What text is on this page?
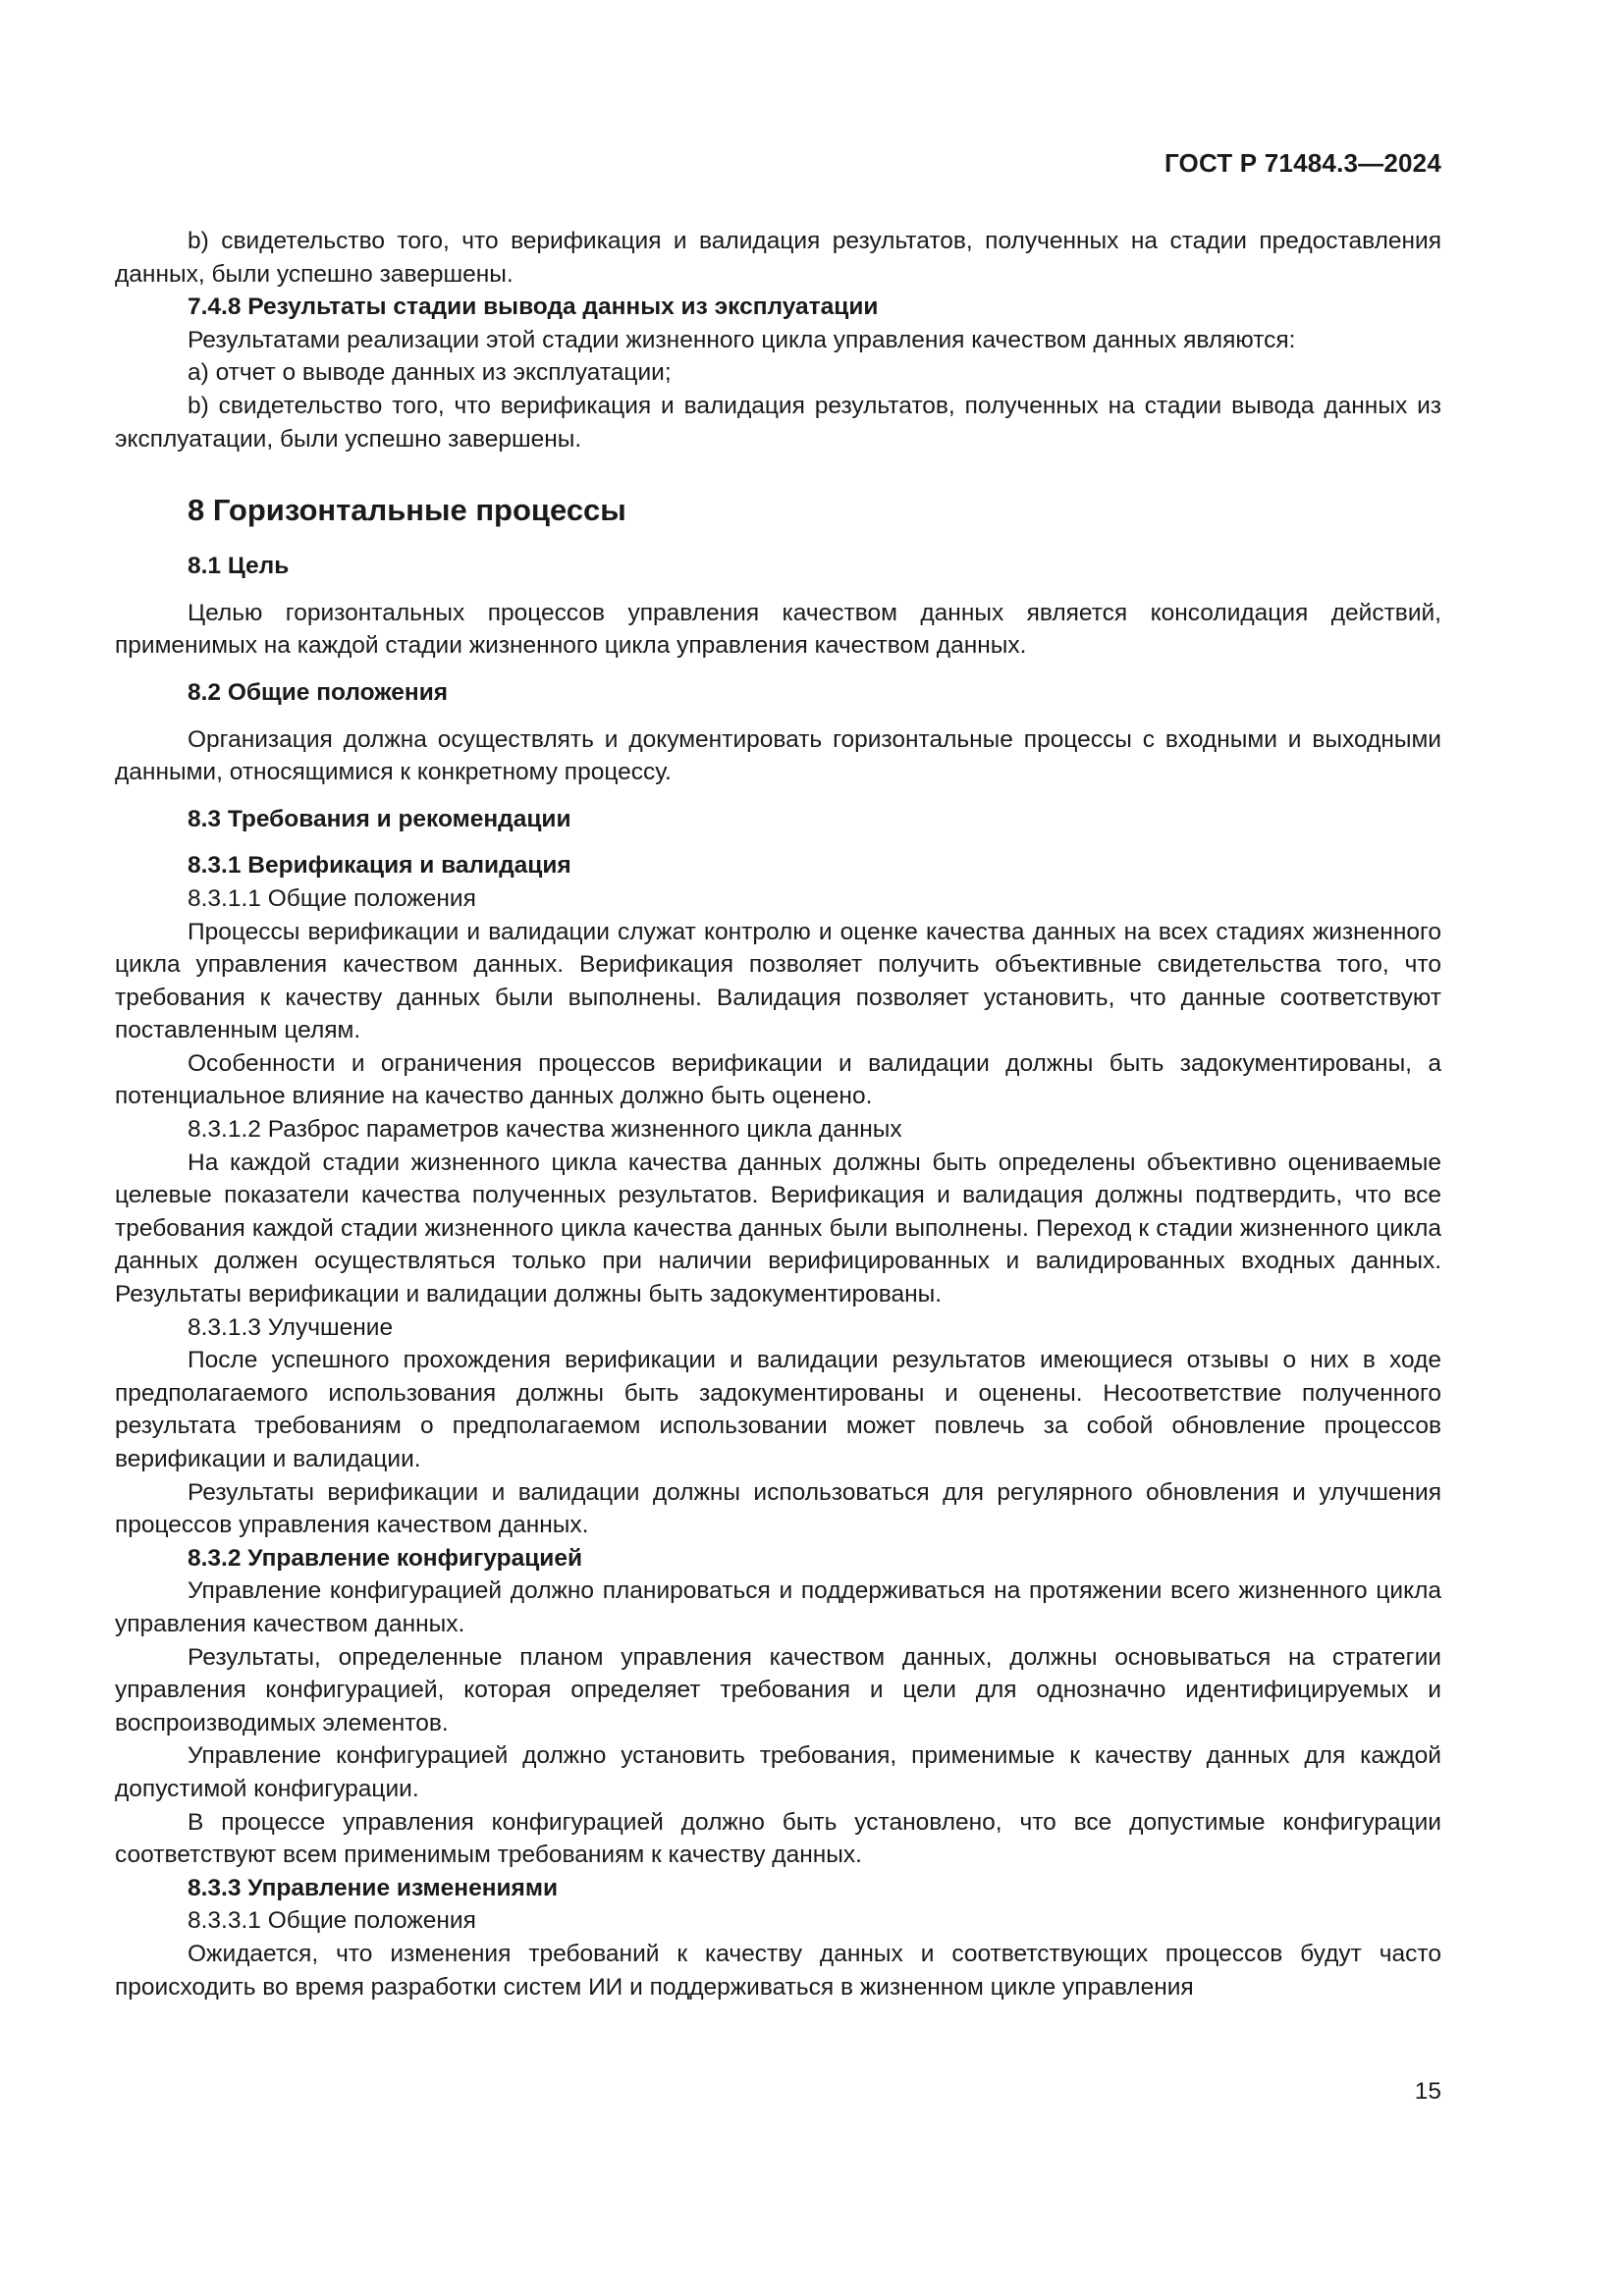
ГОСТ Р 71484.3—2024

b) свидетельство того, что верификация и валидация результатов, полученных на стадии предоставления данных, были успешно завершены.

7.4.8 Результаты стадии вывода данных из эксплуатации

Результатами реализации этой стадии жизненного цикла управления качеством данных являются:

a) отчет о выводе данных из эксплуатации;

b) свидетельство того, что верификация и валидация результатов, полученных на стадии вывода данных из эксплуатации, были успешно завершены.

8 Горизонтальные процессы
8.1 Цель

Целью горизонтальных процессов управления качеством данных является консолидация действий, применимых на каждой стадии жизненного цикла управления качеством данных.

8.2 Общие положения

Организация должна осуществлять и документировать горизонтальные процессы с входными и выходными данными, относящимися к конкретному процессу.

8.3 Требования и рекомендации
8.3.1 Верификация и валидация
8.3.1.1 Общие положения

Процессы верификации и валидации служат контролю и оценке качества данных на всех стадиях жизненного цикла управления качеством данных. Верификация позволяет получить объективные свидетельства того, что требования к качеству данных были выполнены. Валидация позволяет установить, что данные соответствуют поставленным целям.

Особенности и ограничения процессов верификации и валидации должны быть задокументированы, а потенциальное влияние на качество данных должно быть оценено.

8.3.1.2 Разброс параметров качества жизненного цикла данных

На каждой стадии жизненного цикла качества данных должны быть определены объективно оцениваемые целевые показатели качества полученных результатов. Верификация и валидация должны подтвердить, что все требования каждой стадии жизненного цикла качества данных были выполнены. Переход к стадии жизненного цикла данных должен осуществляться только при наличии верифицированных и валидированных входных данных. Результаты верификации и валидации должны быть задокументированы.

8.3.1.3 Улучшение

После успешного прохождения верификации и валидации результатов имеющиеся отзывы о них в ходе предполагаемого использования должны быть задокументированы и оценены. Несоответствие полученного результата требованиям о предполагаемом использовании может повлечь за собой обновление процессов верификации и валидации.

Результаты верификации и валидации должны использоваться для регулярного обновления и улучшения процессов управления качеством данных.

8.3.2 Управление конфигурацией

Управление конфигурацией должно планироваться и поддерживаться на протяжении всего жизненного цикла управления качеством данных.

Результаты, определенные планом управления качеством данных, должны основываться на стратегии управления конфигурацией, которая определяет требования и цели для однозначно идентифицируемых и воспроизводимых элементов.

Управление конфигурацией должно установить требования, применимые к качеству данных для каждой допустимой конфигурации.

В процессе управления конфигурацией должно быть установлено, что все допустимые конфигурации соответствуют всем применимым требованиям к качеству данных.

8.3.3 Управление изменениями
8.3.3.1 Общие положения

Ожидается, что изменения требований к качеству данных и соответствующих процессов будут часто происходить во время разработки систем ИИ и поддерживаться в жизненном цикле управления

15
